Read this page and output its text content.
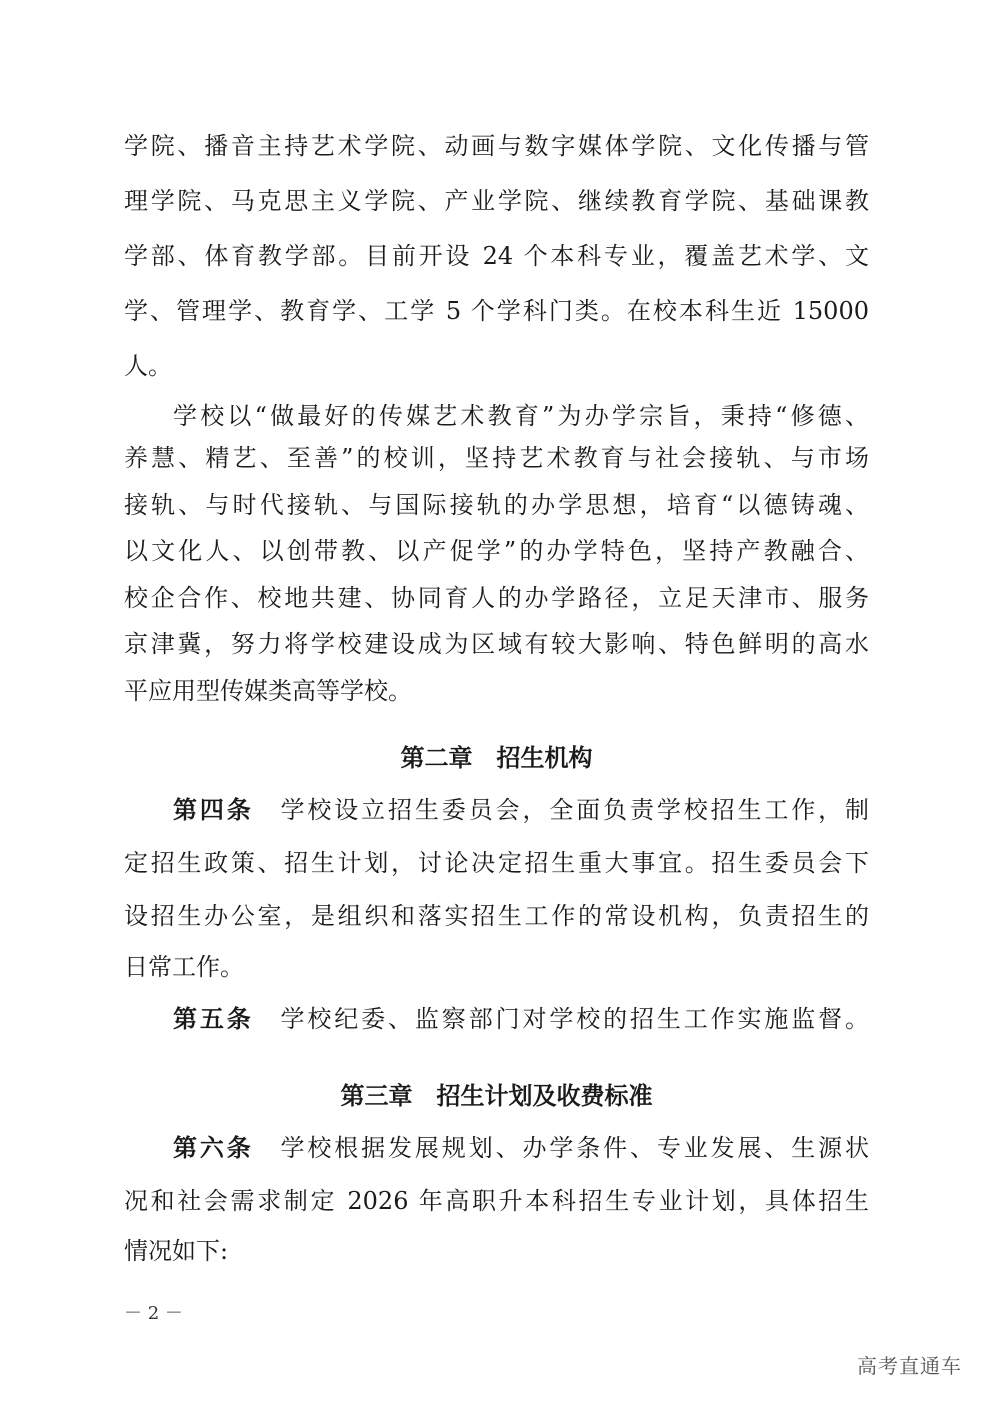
学院、播音主持艺术学院、动画与数字媒体学院、文化传播与管
理学院、马克思主义学院、产业学院、继续教育学院、基础课教
学部、体育教学部。目前开设 24 个本科专业，覆盖艺术学、文
学、管理学、教育学、工学 5 个学科门类。在校本科生近 15000
人。
学校以“做最好的传媒艺术教育”为办学宗旨，秉持“修德、
养慧、精艺、至善”的校训，坚持艺术教育与社会接轨、与市场
接轨、与时代接轨、与国际接轨的办学思想，培育“以德铸魂、
以文化人、以创带教、以产促学”的办学特色，坚持产教融合、
校企合作、校地共建、协同育人的办学路径，立足天津市、服务
京津冀，努力将学校建设成为区域有较大影响、特色鲜明的高水
平应用型传媒类高等学校。
第二章　招生机构
第四条　 学校设立招生委员会，全面负责学校招生工作，制
定招生政策、招生计划，讨论决定招生重大事宜。招生委员会下
设招生办公室，是组织和落实招生工作的常设机构，负责招生的
日常工作。
第五条　 学校纪委、监察部门对学校的招生工作实施监督。
第三章　招生计划及收费标准
第六条　 学校根据发展规划、办学条件、专业发展、生源状
况和社会需求制定 2026 年高职升本科招生专业计划，具体招生
情况如下:
－ 2 －
高考直通车
